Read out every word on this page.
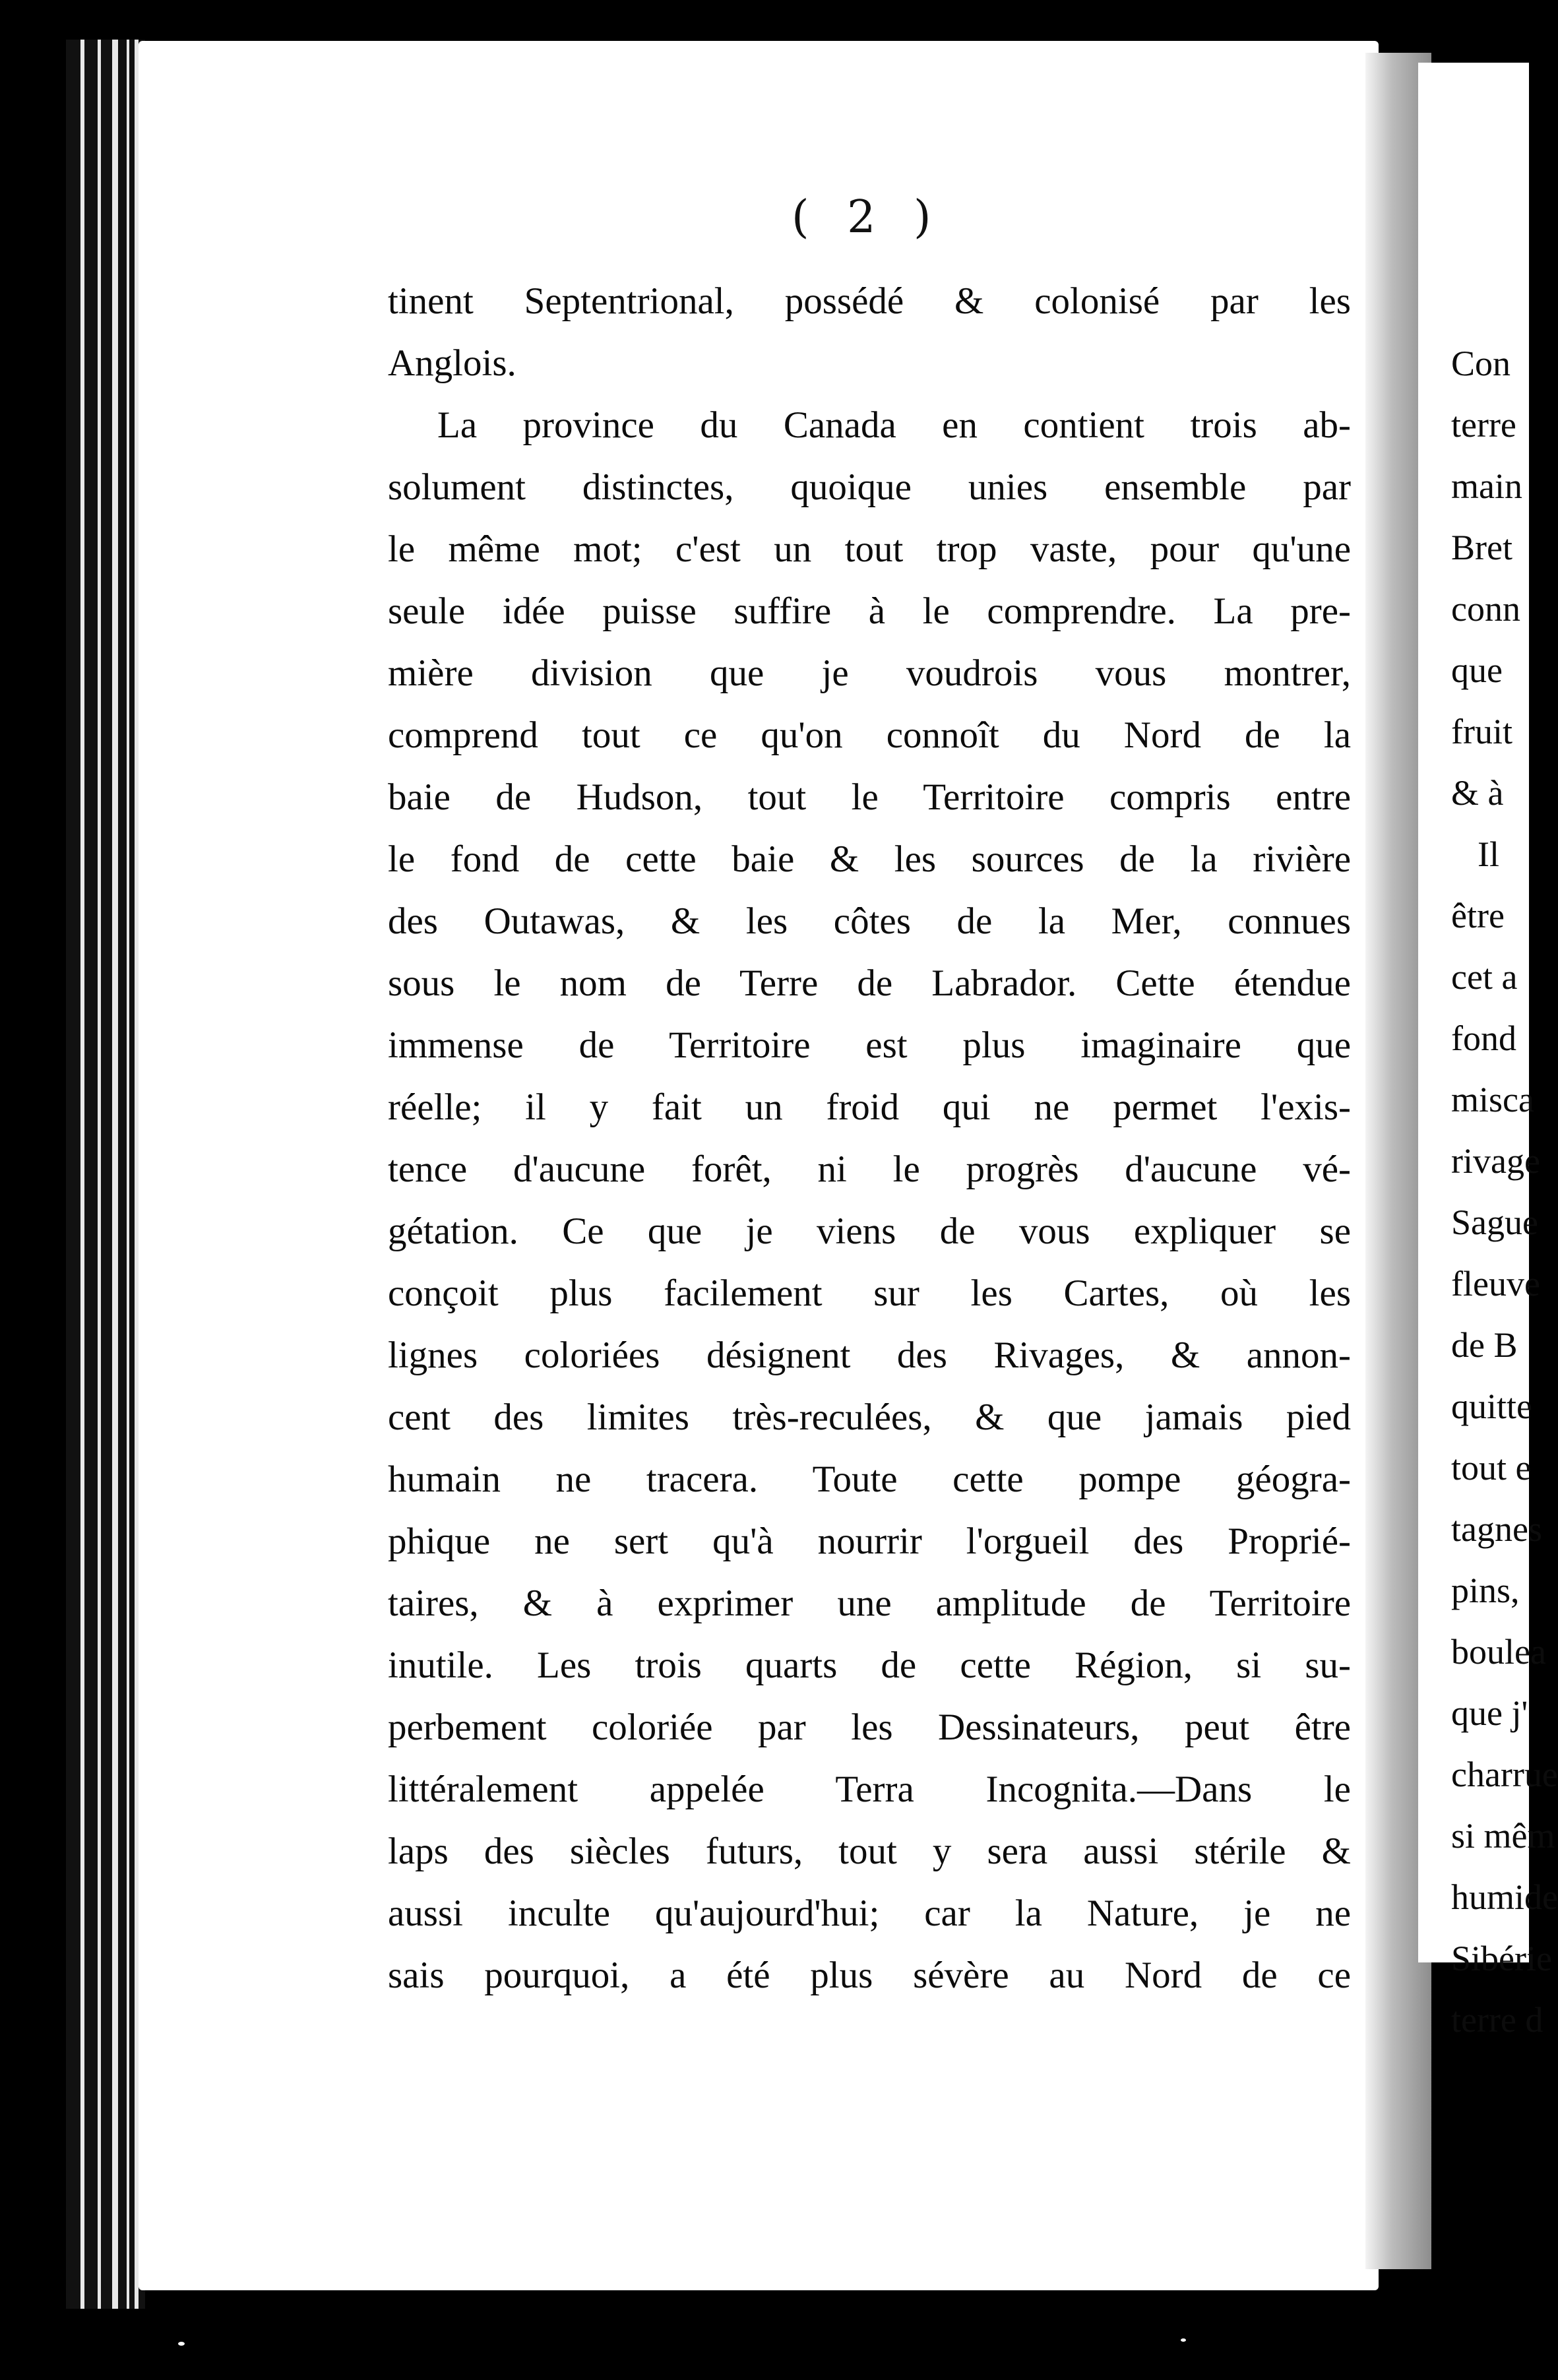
Con
terre
main
Bret
conn
que
fruit
& à
Il
être
cet a
fond
misca
rivage
Sague
fleuve
de B
quitte
tout e
tagnes
pins,
boulea
que j'
charrue
si mêm
humide
Sibérie
terre d
( 2 )
tinent Septentrional, possédé & colonisé par les
Anglois.
La province du Canada en contient trois ab-
solument distinctes, quoique unies ensemble par
le même mot; c'est un tout trop vaste, pour qu'une
seule idée puisse suffire à le comprendre. La pre-
mière division que je voudrois vous montrer,
comprend tout ce qu'on connoît du Nord de la
baie de Hudson, tout le Territoire compris entre
le fond de cette baie & les sources de la rivière
des Outawas, & les côtes de la Mer, connues
sous le nom de Terre de Labrador. Cette étendue
immense de Territoire est plus imaginaire que
réelle; il y fait un froid qui ne permet l'exis-
tence d'aucune forêt, ni le progrès d'aucune vé-
gétation. Ce que je viens de vous expliquer se
conçoit plus facilement sur les Cartes, où les
lignes coloriées désignent des Rivages, & annon-
cent des limites très-reculées, & que jamais pied
humain ne tracera. Toute cette pompe géogra-
phique ne sert qu'à nourrir l'orgueil des Proprié-
taires, & à exprimer une amplitude de Territoire
inutile. Les trois quarts de cette Région, si su-
perbement coloriée par les Dessinateurs, peut être
littéralement appelée Terra Incognita.—Dans le
laps des siècles futurs, tout y sera aussi stérile &
aussi inculte qu'aujourd'hui; car la Nature, je ne
sais pourquoi, a été plus sévère au Nord de ce
